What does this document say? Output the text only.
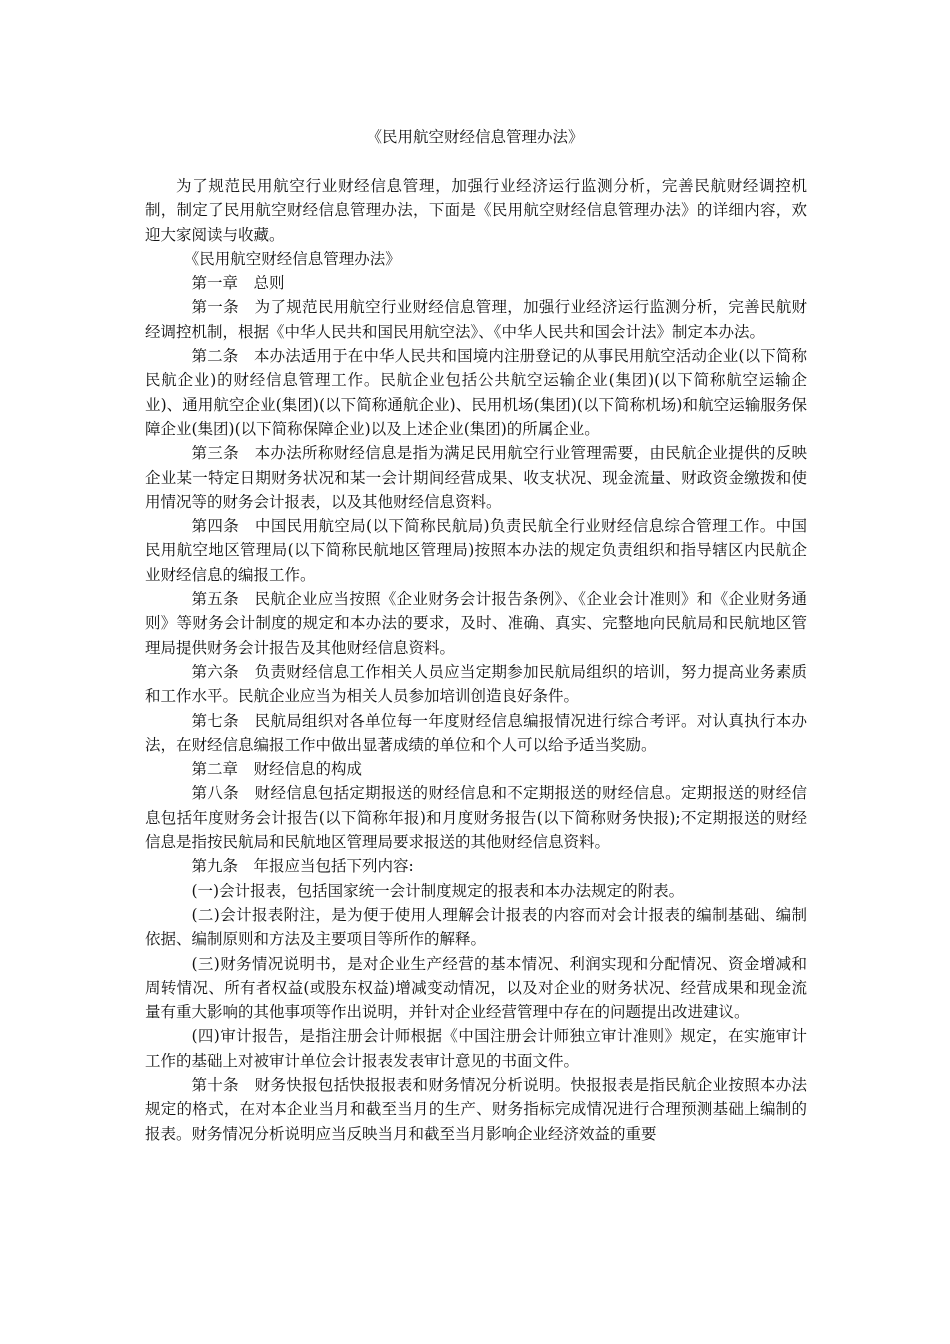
《民用航空财经信息管理办法》

为了规范民用航空行业财经信息管理，加强行业经济运行监测分析，完善民航财经调控机制，制定了民用航空财经信息管理办法，下面是《民用航空财经信息管理办法》的详细内容，欢迎大家阅读与收藏。

《民用航空财经信息管理办法》

第一章　总则

第一条　为了规范民用航空行业财经信息管理，加强行业经济运行监测分析，完善民航财经调控机制，根据《中华人民共和国民用航空法》、《中华人民共和国会计法》制定本办法。

第二条　本办法适用于在中华人民共和国境内注册登记的从事民用航空活动企业(以下简称民航企业)的财经信息管理工作。民航企业包括公共航空运输企业(集团)(以下简称航空运输企业)、通用航空企业(集团)(以下简称通航企业)、民用机场(集团)(以下简称机场)和航空运输服务保障企业(集团)(以下简称保障企业)以及上述企业(集团)的所属企业。

第三条　本办法所称财经信息是指为满足民用航空行业管理需要，由民航企业提供的反映企业某一特定日期财务状况和某一会计期间经营成果、收支状况、现金流量、财政资金缴拨和使用情况等的财务会计报表，以及其他财经信息资料。

第四条　中国民用航空局(以下简称民航局)负责民航全行业财经信息综合管理工作。中国民用航空地区管理局(以下简称民航地区管理局)按照本办法的规定负责组织和指导辖区内民航企业财经信息的编报工作。

第五条　民航企业应当按照《企业财务会计报告条例》、《企业会计准则》和《企业财务通则》等财务会计制度的规定和本办法的要求，及时、准确、真实、完整地向民航局和民航地区管理局提供财务会计报告及其他财经信息资料。

第六条　负责财经信息工作相关人员应当定期参加民航局组织的培训，努力提高业务素质和工作水平。民航企业应当为相关人员参加培训创造良好条件。

第七条　民航局组织对各单位每一年度财经信息编报情况进行综合考评。对认真执行本办法，在财经信息编报工作中做出显著成绩的单位和个人可以给予适当奖励。

第二章　财经信息的构成

第八条　财经信息包括定期报送的财经信息和不定期报送的财经信息。定期报送的财经信息包括年度财务会计报告(以下简称年报)和月度财务报告(以下简称财务快报);不定期报送的财经信息是指按民航局和民航地区管理局要求报送的其他财经信息资料。

第九条　年报应当包括下列内容:

(一)会计报表，包括国家统一会计制度规定的报表和本办法规定的附表。

(二)会计报表附注，是为便于使用人理解会计报表的内容而对会计报表的编制基础、编制依据、编制原则和方法及主要项目等所作的解释。

(三)财务情况说明书，是对企业生产经营的基本情况、利润实现和分配情况、资金增减和周转情况、所有者权益(或股东权益)增减变动情况，以及对企业的财务状况、经营成果和现金流量有重大影响的其他事项等作出说明，并针对企业经营管理中存在的问题提出改进建议。

(四)审计报告，是指注册会计师根据《中国注册会计师独立审计准则》规定，在实施审计工作的基础上对被审计单位会计报表发表审计意见的书面文件。

第十条　财务快报包括快报报表和财务情况分析说明。快报报表是指民航企业按照本办法规定的格式，在对本企业当月和截至当月的生产、财务指标完成情况进行合理预测基础上编制的报表。财务情况分析说明应当反映当月和截至当月影响企业经济效益的重要
